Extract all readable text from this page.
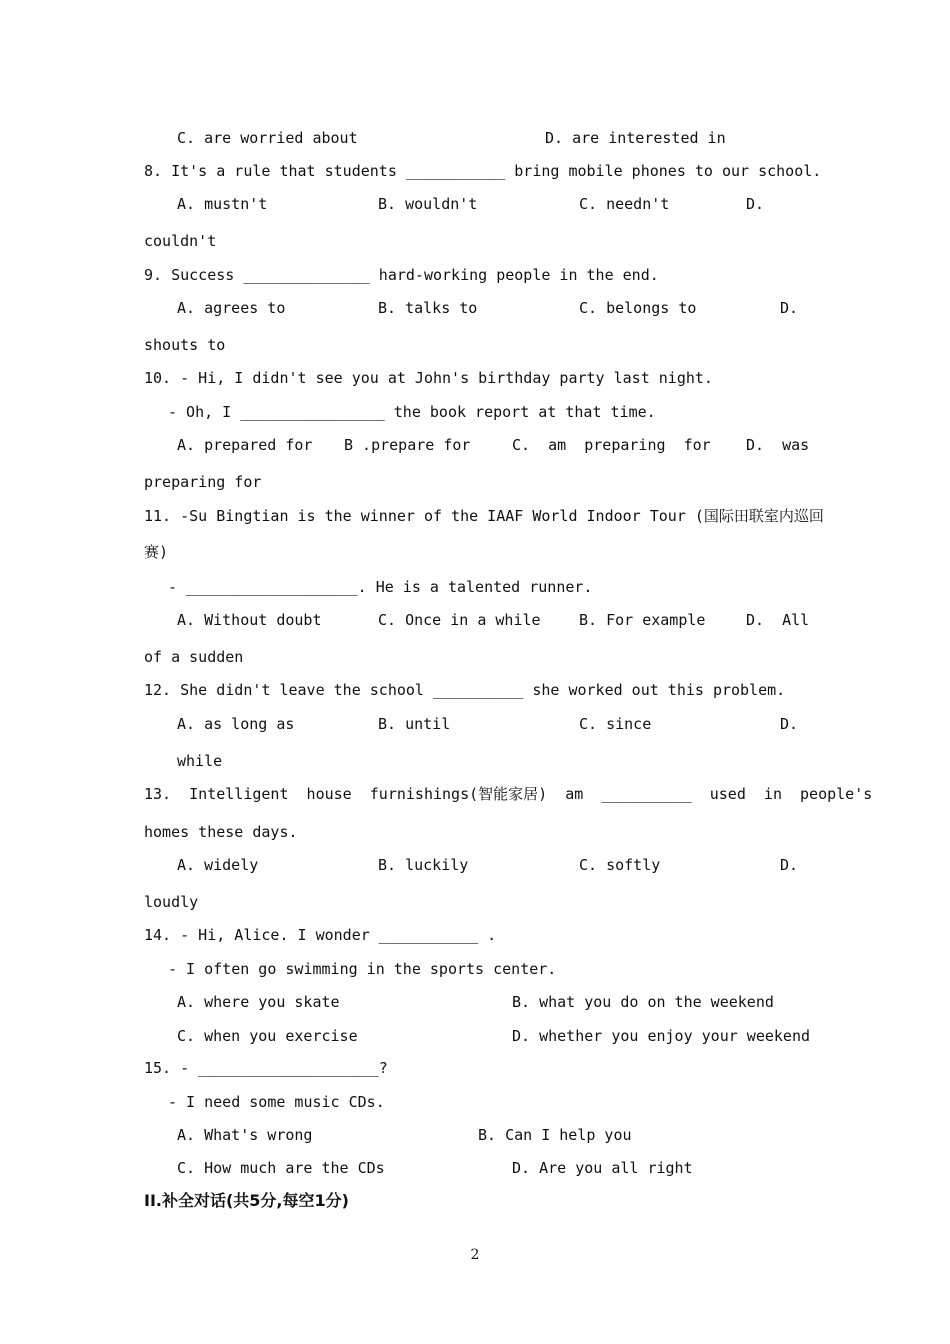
C. are worried about	D. are interested in
8. It's a rule that students ___________ bring mobile phones to our school.
A. mustn't	B. wouldn't	C. needn't	D.
couldn't
9. Success ______________ hard-working people in the end.
A. agrees to	B. talks to	C. belongs to	D.
shouts to
10. - Hi, I didn't see you at John's birthday party last night.
- Oh, I ________________ the book report at that time.
A. prepared for B .prepare for	C.  am  preparing  for D.  was
preparing for
11. -Su Bingtian is the winner of the IAAF World Indoor Tour (国际田联室内巡回
赛)
- ___________________. He is a talented runner.
A. Without doubt	C. Once in a while	B. For example	D.  All
of a sudden
12. She didn't leave the school __________ she worked out this problem.
A. as long as	B. until	C. since	D.
while
13.  Intelligent  house  furnishings(智能家居)  am  __________  used  in  people's
homes these days.
A. widely	B. luckily	C. softly	D.
loudly
14. - Hi, Alice. I wonder ___________ .
- I often go swimming in the sports center.
A. where you skate	B. what you do on the weekend
C. when you exercise	D. whether you enjoy your weekend
15. - ____________________?
- I need some music CDs.
A. What's wrong	B. Can I help you
C. How much are the CDs	D. Are you all right
II.补全对话(共5分,每空1分)
2
